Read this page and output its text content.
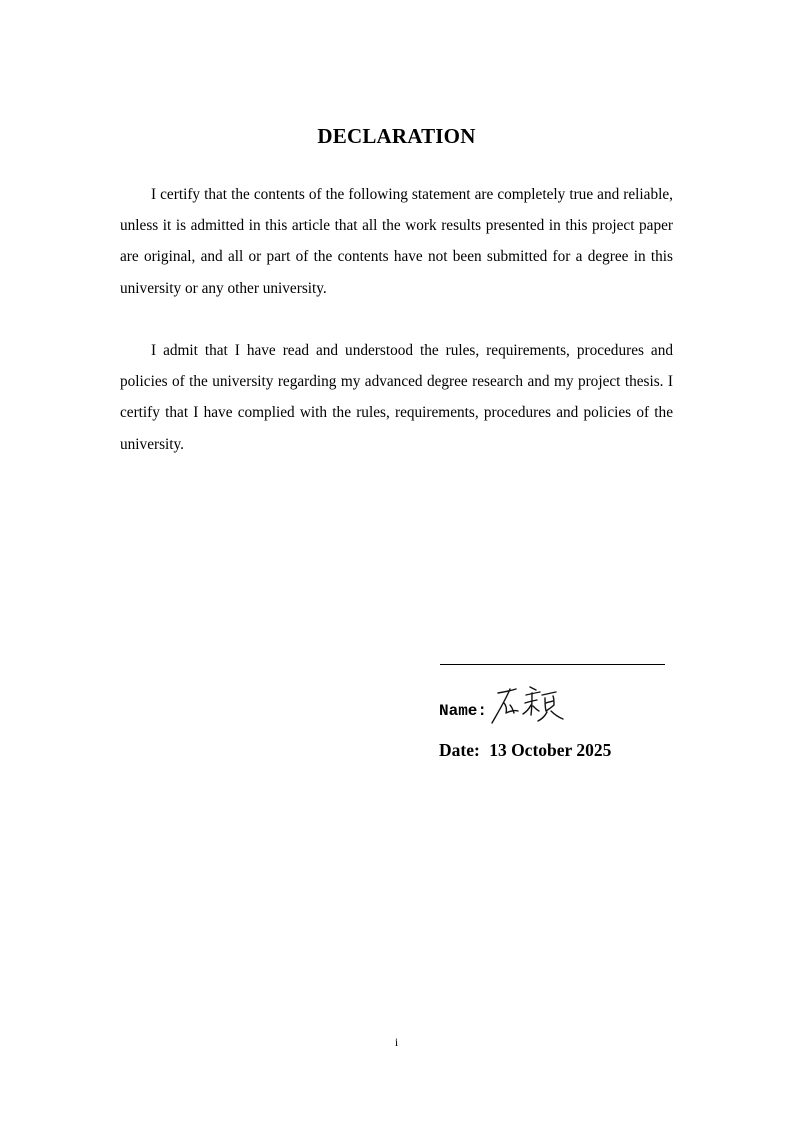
DECLARATION

I certify that the contents of the following statement are completely true and reliable, unless it is admitted in this article that all the work results presented in this project paper are original, and all or part of the contents have not been submitted for a degree in this university or any other university.

I admit that I have read and understood the rules, requirements, procedures and policies of the university regarding my advanced degree research and my project thesis. I certify that I have complied with the rules, requirements, procedures and policies of the university.

Name:
Date: 13 October 2025
i
